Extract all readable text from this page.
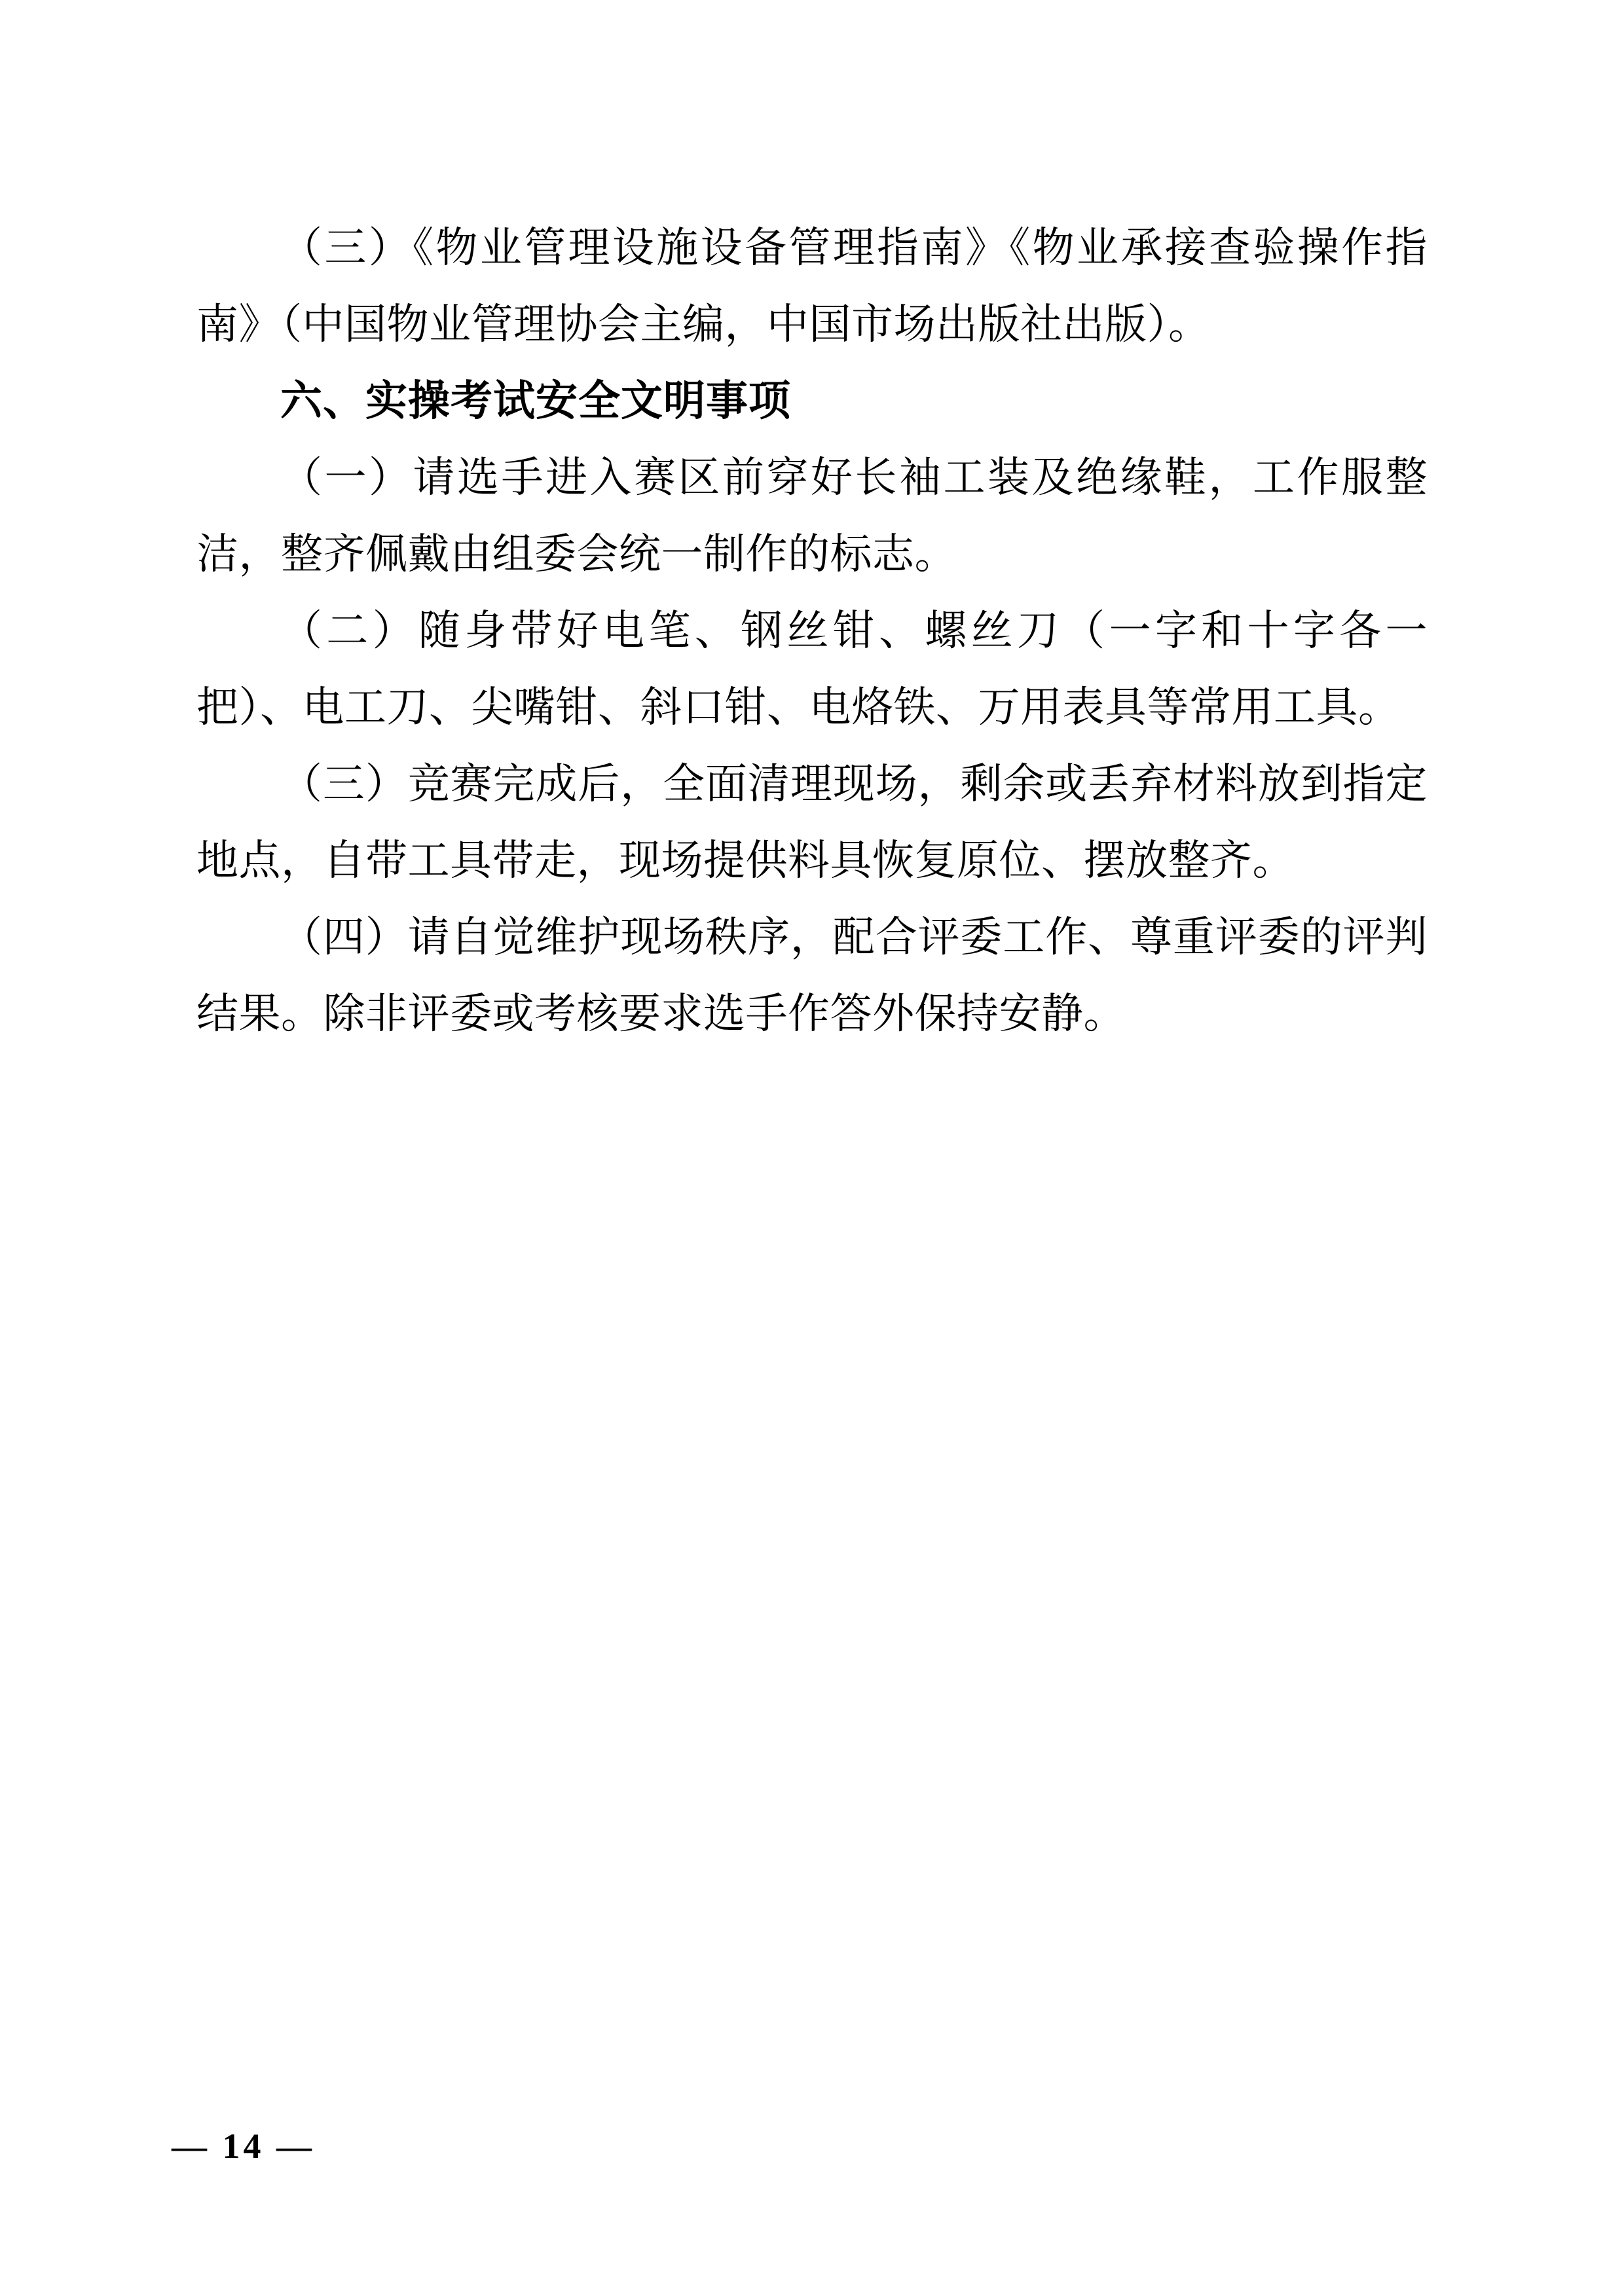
（三）《物业管理设施设备管理指南》《物业承接查验操作指南》（中国物业管理协会主编，中国市场出版社出版）。

六、实操考试安全文明事项

（一）请选手进入赛区前穿好长袖工装及绝缘鞋，工作服整洁，整齐佩戴由组委会统一制作的标志。

（二）随身带好电笔、钢丝钳、螺丝刀（一字和十字各一把）、电工刀、尖嘴钳、斜口钳、电烙铁、万用表具等常用工具。

（三）竞赛完成后，全面清理现场，剩余或丢弃材料放到指定地点，自带工具带走，现场提供料具恢复原位、摆放整齐。

（四）请自觉维护现场秩序，配合评委工作、尊重评委的评判结果。除非评委或考核要求选手作答外保持安静。

— 14 —
